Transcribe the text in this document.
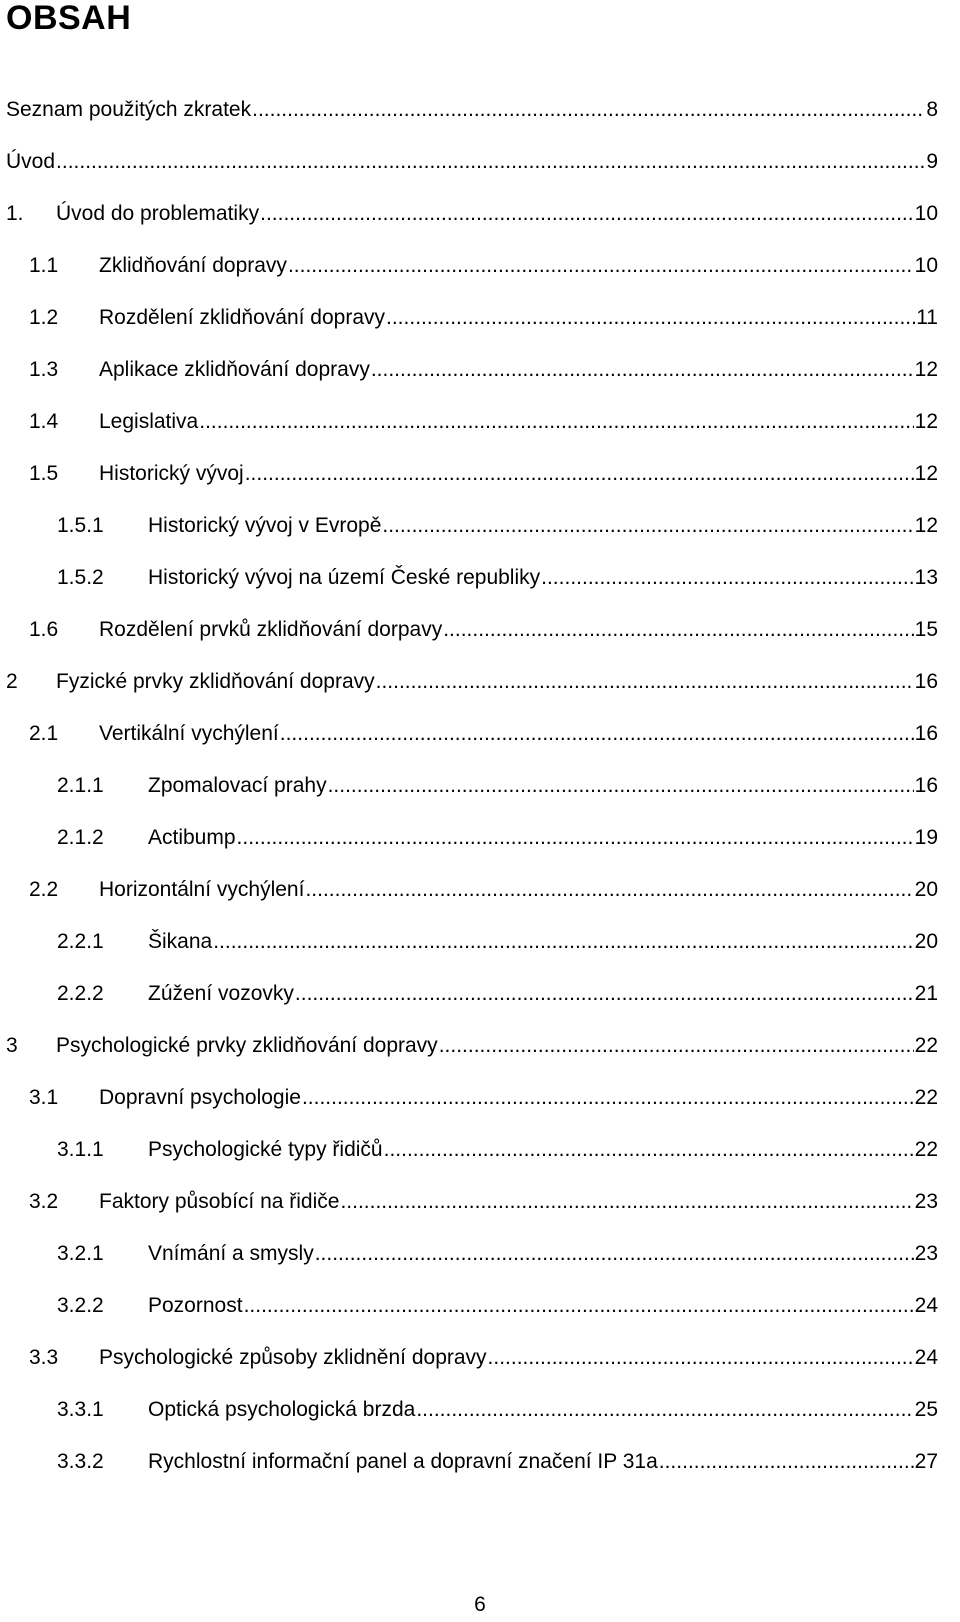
OBSAH
Seznam použitých zkratek .....	8
Úvod .....	9
1.	Úvod do problematiky .....	10
1.1	Zklidňování dopravy .....	10
1.2	Rozdělení zklidňování dopravy .....	11
1.3	Aplikace zklidňování dopravy .....	12
1.4	Legislativa .....	12
1.5	Historický vývoj .....	12
1.5.1	Historický vývoj v Evropě .....	12
1.5.2	Historický vývoj na území České republiky .....	13
1.6	Rozdělení prvků zklidňování dorpavy .....	15
2	Fyzické prvky zklidňování dopravy .....	16
2.1	Vertikální vychýlení .....	16
2.1.1	Zpomalovací prahy .....	16
2.1.2	Actibump .....	19
2.2	Horizontální vychýlení .....	20
2.2.1	Šikana .....	20
2.2.2	Zúžení vozovky .....	21
3	Psychologické prvky zklidňování dopravy .....	22
3.1	Dopravní psychologie .....	22
3.1.1	Psychologické typy řidičů .....	22
3.2	Faktory působící na řidiče .....	23
3.2.1	Vnímání a smysly .....	23
3.2.2	Pozornost .....	24
3.3	Psychologické způsoby zklidnění dopravy .....	24
3.3.1	Optická psychologická brzda .....	25
3.3.2	Rychlostní informační panel a dopravní značení IP 31a .....	27
6
